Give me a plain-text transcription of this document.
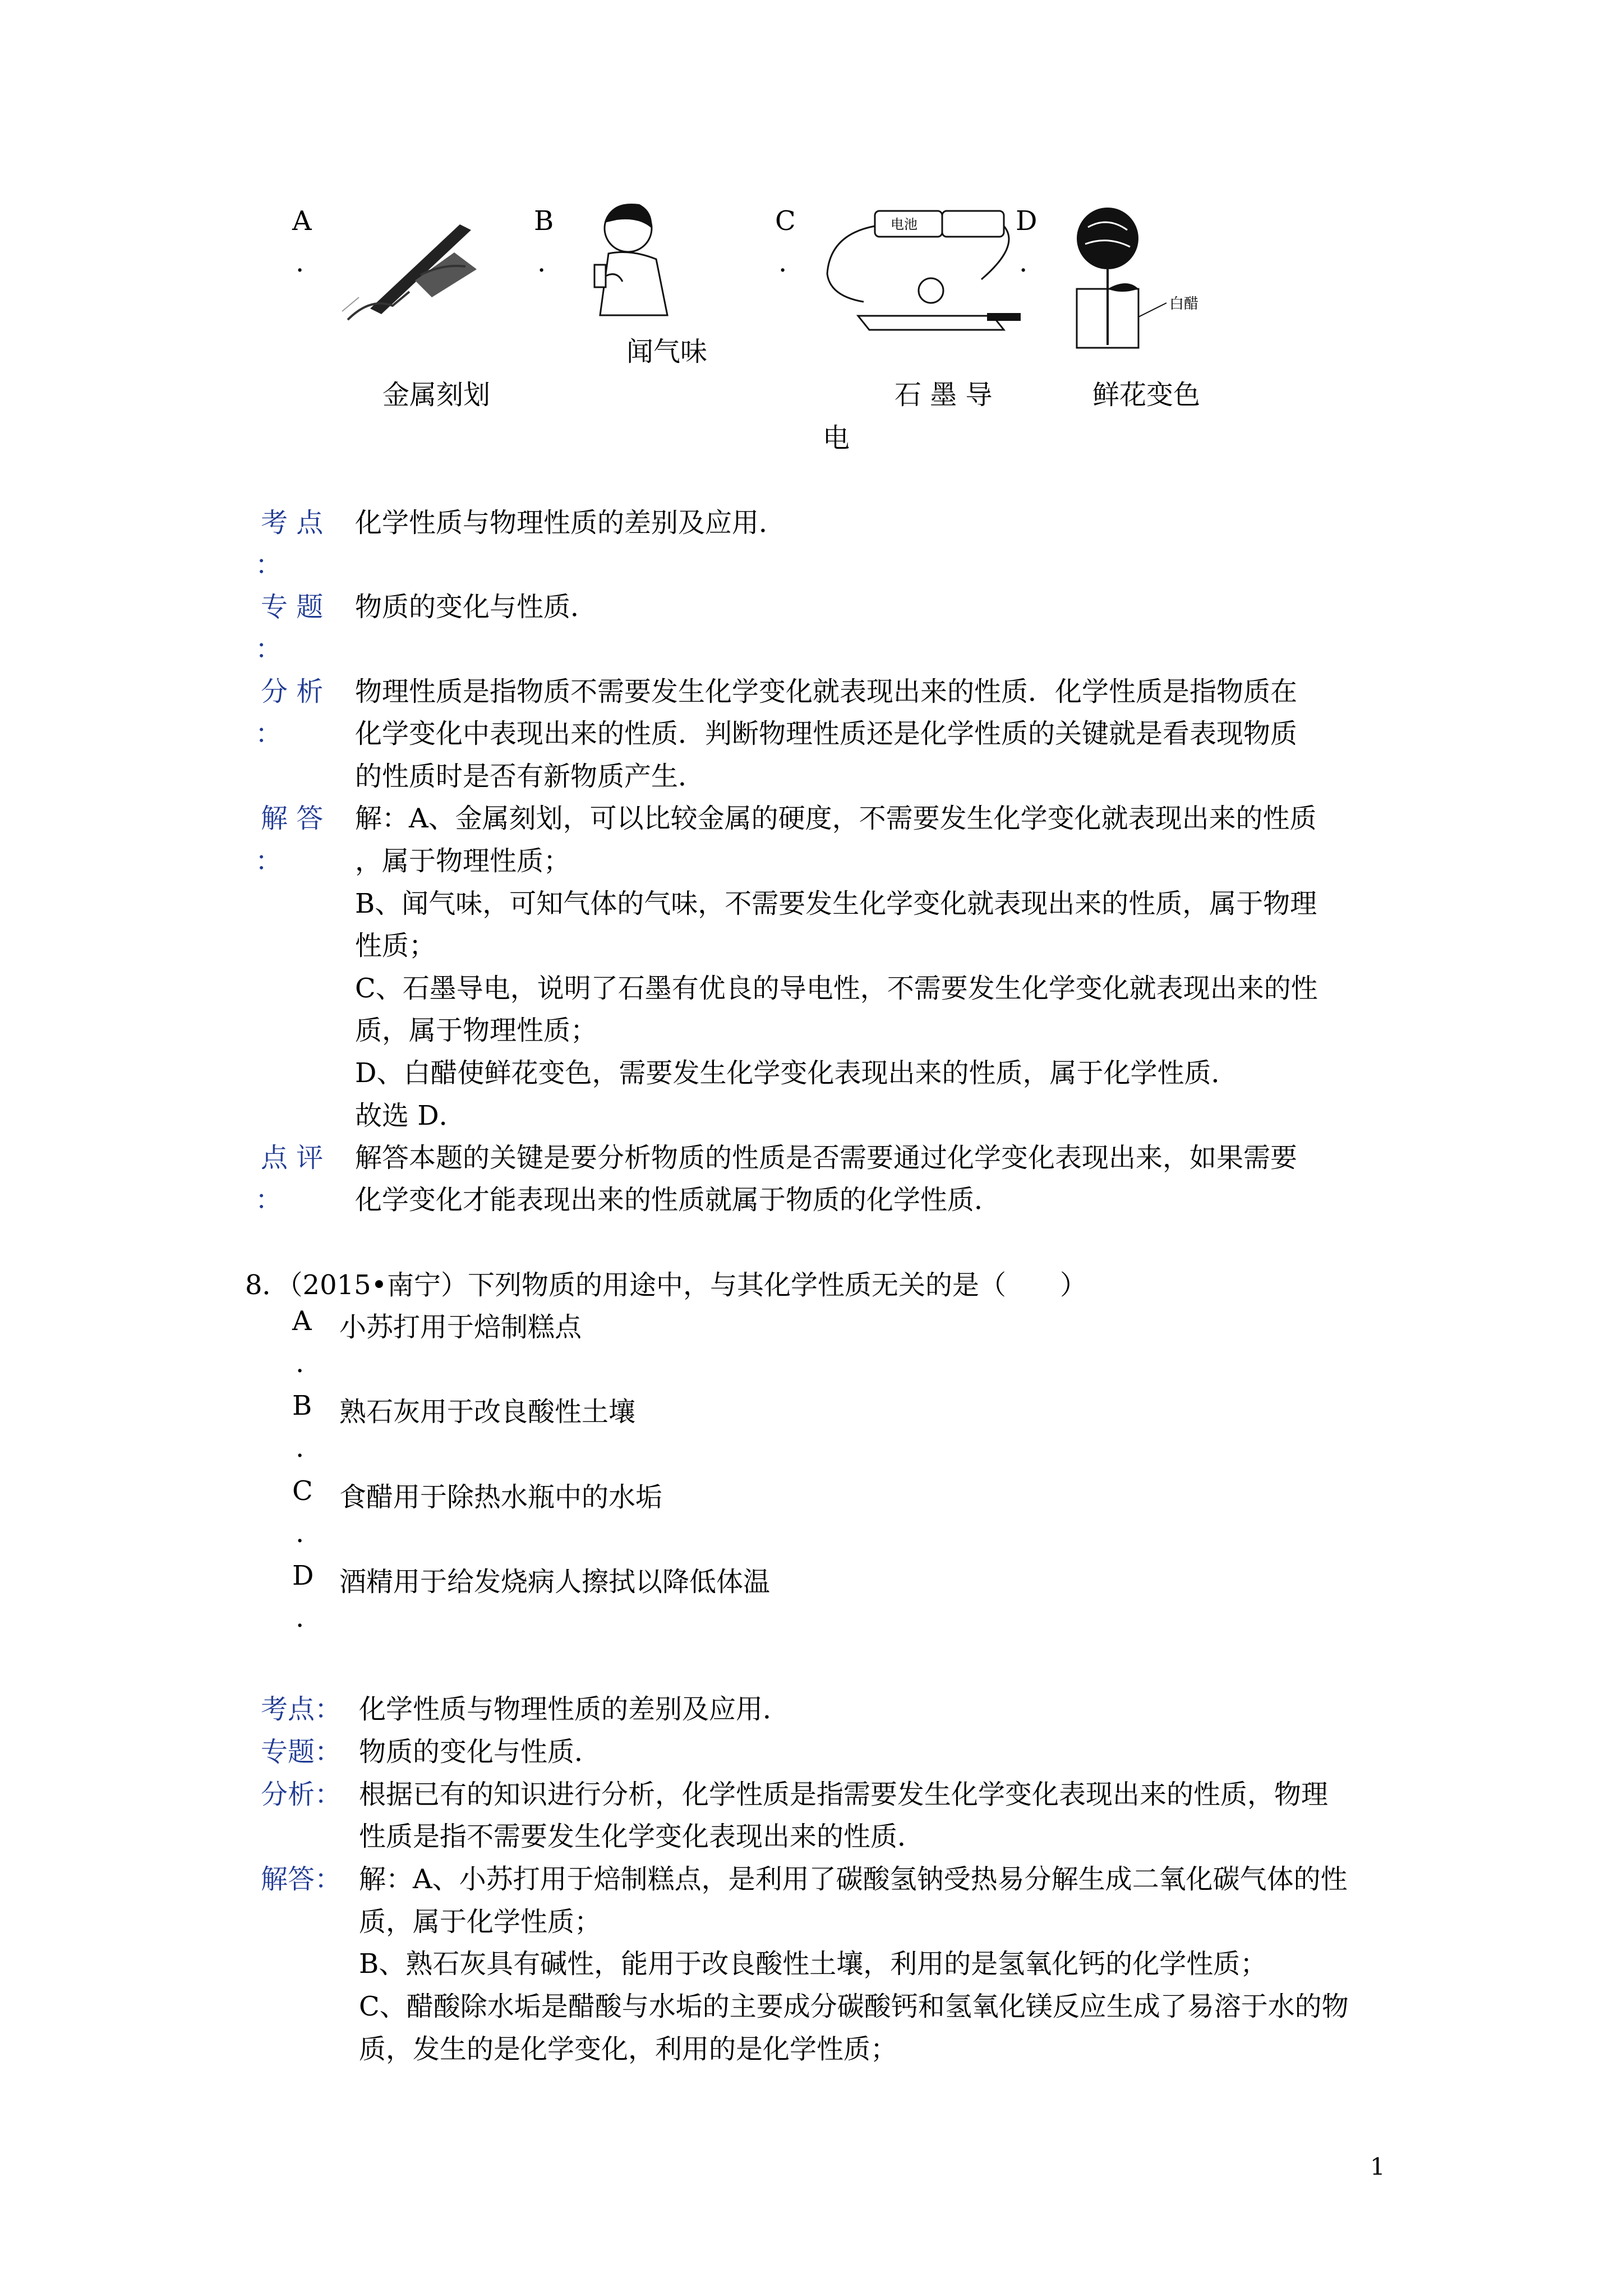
A
.
金属刻划
B
.
闻气味
C
.
电池
石 墨 导
电
D
.
白醋
鲜花变色
考 点
：
化学性质与物理性质的差别及应用．
专 题
：
物质的变化与性质．
分 析
：
物理性质是指物质不需要发生化学变化就表现出来的性质．化学性质是指物质在
化学变化中表现出来的性质．判断物理性质还是化学性质的关键就是看表现物质
的性质时是否有新物质产生．
解 答
：
解：A、金属刻划，可以比较金属的硬度，不需要发生化学变化就表现出来的性质
，属于物理性质；
B、闻气味，可知气体的气味，不需要发生化学变化就表现出来的性质，属于物理
性质；
C、石墨导电，说明了石墨有优良的导电性，不需要发生化学变化就表现出来的性
质，属于物理性质；
D、白醋使鲜花变色，需要发生化学变化表现出来的性质，属于化学性质．
故选 D．
点 评
：
解答本题的关键是要分析物质的性质是否需要通过化学变化表现出来，如果需要
化学变化才能表现出来的性质就属于物质的化学性质．
8．（2015•南宁）下列物质的用途中，与其化学性质无关的是（　　）
A 小苏打用于焙制糕点
.
B 熟石灰用于改良酸性土壤
.
C 食醋用于除热水瓶中的水垢
.
D 酒精用于给发烧病人擦拭以降低体温
.
考点： 化学性质与物理性质的差别及应用．
专题： 物质的变化与性质．
分析： 根据已有的知识进行分析，化学性质是指需要发生化学变化表现出来的性质，物理
性质是指不需要发生化学变化表现出来的性质．
解答： 解：A、小苏打用于焙制糕点，是利用了碳酸氢钠受热易分解生成二氧化碳气体的性
质，属于化学性质；
B、熟石灰具有碱性，能用于改良酸性土壤，利用的是氢氧化钙的化学性质；
C、醋酸除水垢是醋酸与水垢的主要成分碳酸钙和氢氧化镁反应生成了易溶于水的物
质，发生的是化学变化，利用的是化学性质；
1
